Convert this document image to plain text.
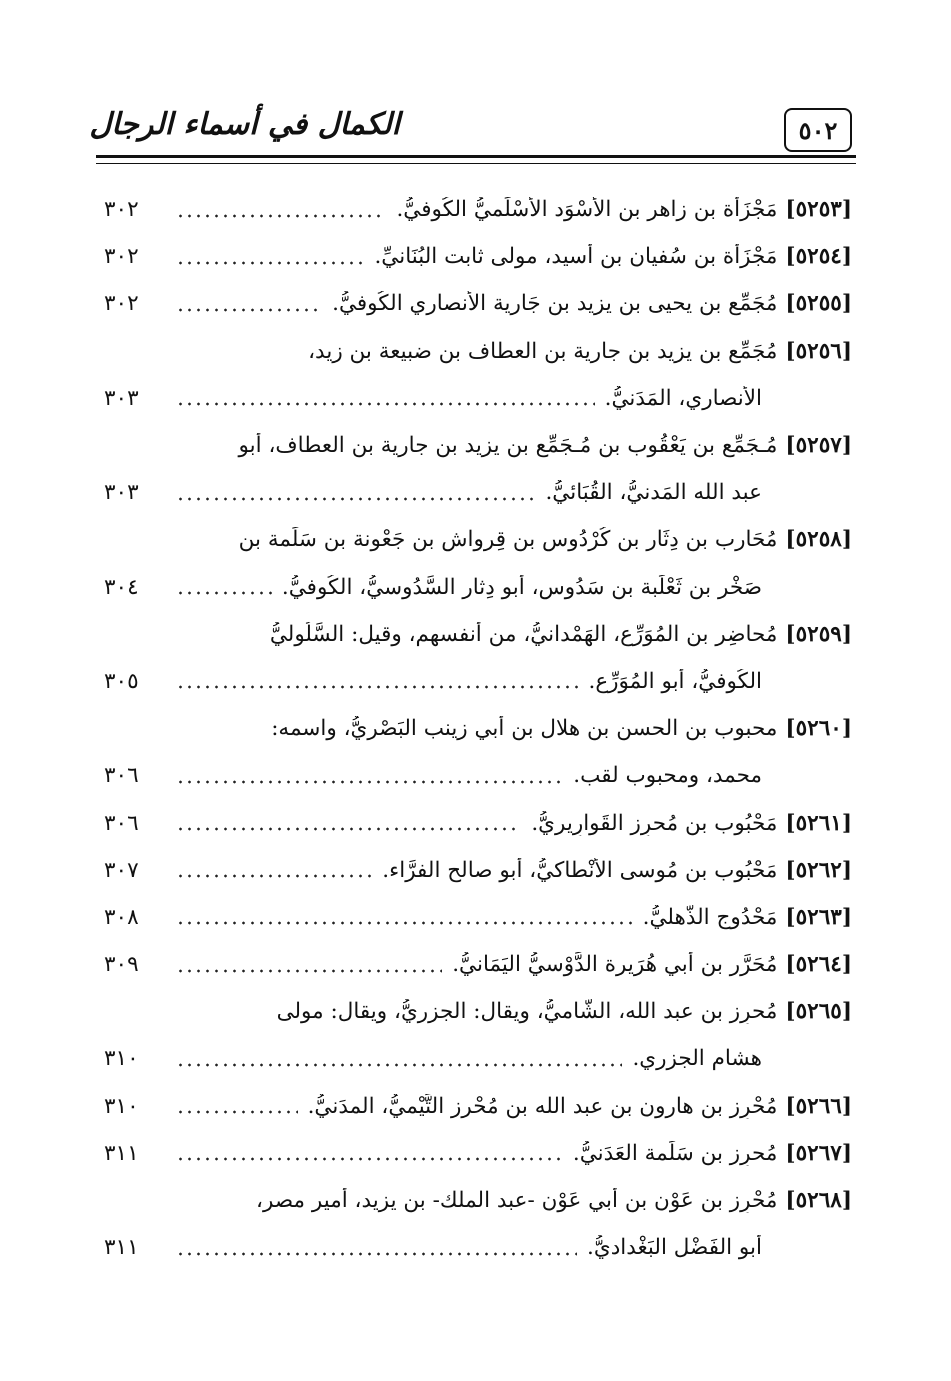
الكمال في أسماء الرجال	٥٠٢
[٥٢٥٣]
مَجْزَأة بن زاهر بن الأَسْوَد الأَسْلَميُّ الكُوفيُّ.
٣٠٢
[٥٢٥٤]
مَجْزَأة بن سُفيان بن أَسيد، مولى ثابت البُنَانيِّ.
٣٠٢
[٥٢٥٥]
مُجَمِّع بن يحيى بن يزيد بن جَارية الأنصاري الكُوفيُّ.
٣٠٢
[٥٢٥٦]
مُجَمِّع بن يزيد بن جارية بن العطاف بن ضبيعة بن زيد،
الأنصاري، المَدَنيُّ.
٣٠٣
[٥٢٥٧]
مُـجَمِّع بن يَعْقُوب بن مُـجَمِّع بن يزيد بن جارية بن العطاف، أبو
عبد الله المَدنيُّ، القُبَائيُّ.
٣٠٣
[٥٢٥٨]
مُحَارب بن دِثَار بن كُرْدُوس بن قِرواش بن جَعْونة بن سَلَمة بن
صَخْر بن ثَعْلَبة بن سَدُوس، أبو دِثار السَّدُوسيُّ، الكُوفيُّ.
٣٠٤
[٥٢٥٩]
مُحاضِر بن المُوَرِّع، الهَمْدانيُّ، من أنفسهم، وقيل: السَّلُوليُّ
الكُوفيُّ، أبو المُوَرِّع.
٣٠٥
[٥٢٦٠]
محبوب بن الحسن بن هلال بن أبي زينب البَصْريُّ، واسمه:
محمد، ومحبوب لقب.
٣٠٦
[٥٢٦١]
مَحْبُوب بن مُحرِز القَوارِيريُّ.
٣٠٦
[٥٢٦٢]
مَحْبُوب بن مُوسى الأَنْطاكيُّ، أبو صالح الفرَّاء.
٣٠٧
[٥٢٦٣]
مَحْدُوج الذُّهليُّ.
٣٠٨
[٥٢٦٤]
مُحَرَّر بن أبي هُرَيرة الدَّوْسيُّ اليَمَانيُّ.
٣٠٩
[٥٢٦٥]
مُحرِز بن عبد الله، الشَّاميُّ، ويقال: الجزريُّ، ويقال: مولى
هشام الجزري.
٣١٠
[٥٢٦٦]
مُحْرِز بن هارون بن عبد الله بن مُحْرز التَّيْميُّ، المدَنيُّ.
٣١٠
[٥٢٦٧]
مُحرِز بن سَلَمة العَدَنيُّ.
٣١١
[٥٢٦٨]
مُحْرِز بن عَوْن بن أبي عَوْن -عبد الملك- بن يزيد، أمير مصر،
أبو الفَضْل البَغْداديُّ.
٣١١
